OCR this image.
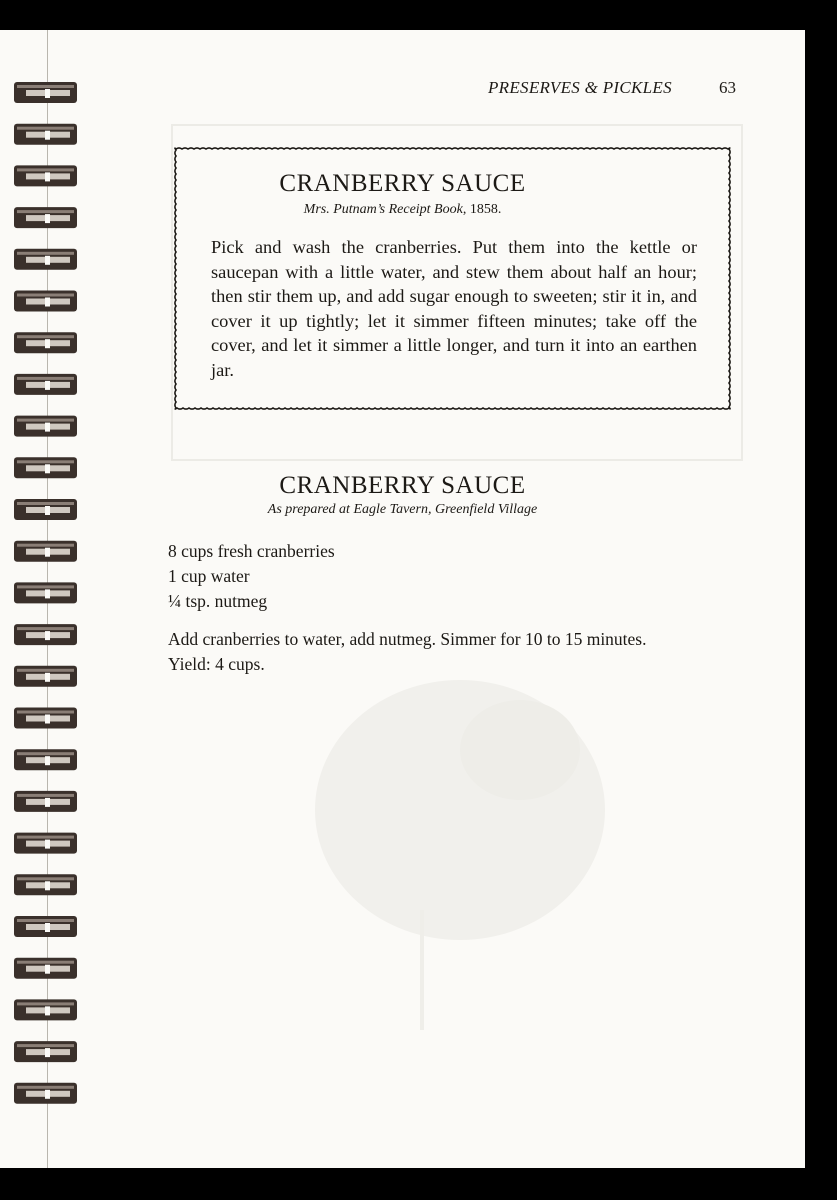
PRESERVES & PICKLES	63
CRANBERRY SAUCE
Mrs. Putnam’s Receipt Book, 1858.

Pick and wash the cranberries. Put them into the kettle or saucepan with a little water, and stew them about half an hour; then stir them up, and add sugar enough to sweeten; stir it in, and cover it up tightly; let it simmer fifteen minutes; take off the cover, and let it simmer a little longer, and turn it into an earthen jar.

CRANBERRY SAUCE
As prepared at Eagle Tavern, Greenfield Village
8 cups fresh cranberries
1 cup water
¼ tsp. nutmeg

Add cranberries to water, add nutmeg. Simmer for 10 to 15 minutes.
Yield: 4 cups.
